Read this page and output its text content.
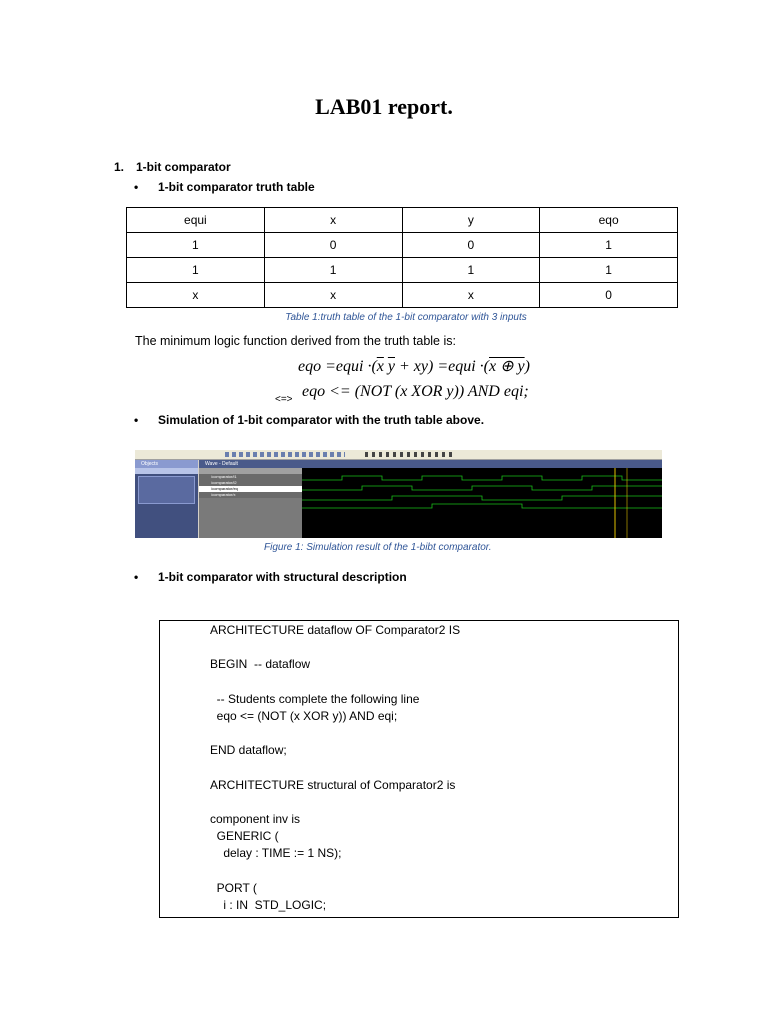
LAB01 report.
1. 1-bit comparator
• 1-bit comparator truth table
equi	x	y	eqo
1	0	0	1
1	1	1	1
x	x	x	0
Table 1:truth table of the 1-bit comparator with 3 inputs
The minimum logic function derived from the truth table is:
eqo =equi $\cdot(\overline{x}$ $\overline{y} + xy$) =equi ·(x ⊕ y)
<=> eqo <= (NOT (x XOR y)) AND eqi;
• Simulation of 1-bit comparator with the truth table above.
Objects	Wave - Default
/comparator/i1
/comparator/i2
/comparator/eq
/comparator/x
Figure 1: Simulation result of the 1-bibt comparator.
• 1-bit comparator with structural description
ARCHITECTURE dataflow OF Comparator2 IS
BEGIN  -- dataflow
-- Students complete the following line
eqo <= (NOT (x XOR y)) AND eqi;
END dataflow;
ARCHITECTURE structural of Comparator2 is
component inv is
GENERIC (
delay : TIME := 1 NS);
PORT (
i : IN  STD_LOGIC;
